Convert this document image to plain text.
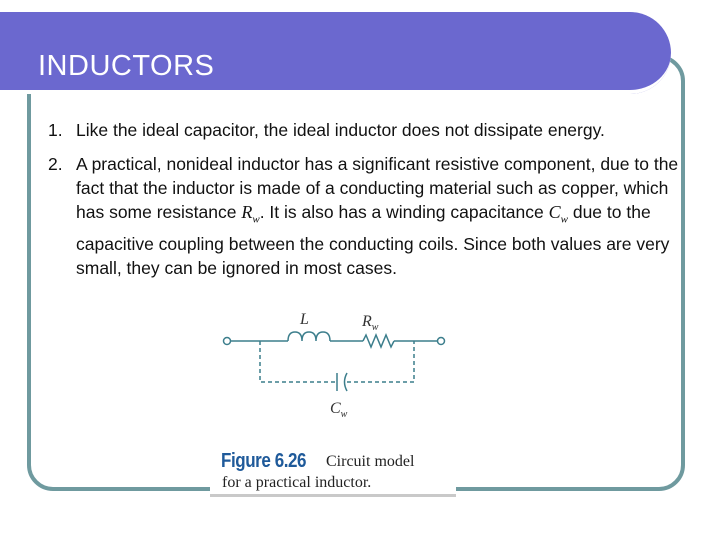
INDUCTORS
1. Like the ideal capacitor, the ideal inductor does not dissipate energy.
2. A practical, nonideal inductor has a significant resistive component, due to the fact that the inductor is made of a conducting material such as copper, which has some resistance $R_w$. It is also has a winding capacitance $C_w$ due to the capacitive coupling between the conducting coils. Since both values are very small, they can be ignored in most cases.
L	$R_w$
$C_w$
Figure 6.26 Circuit model
for a practical inductor.
